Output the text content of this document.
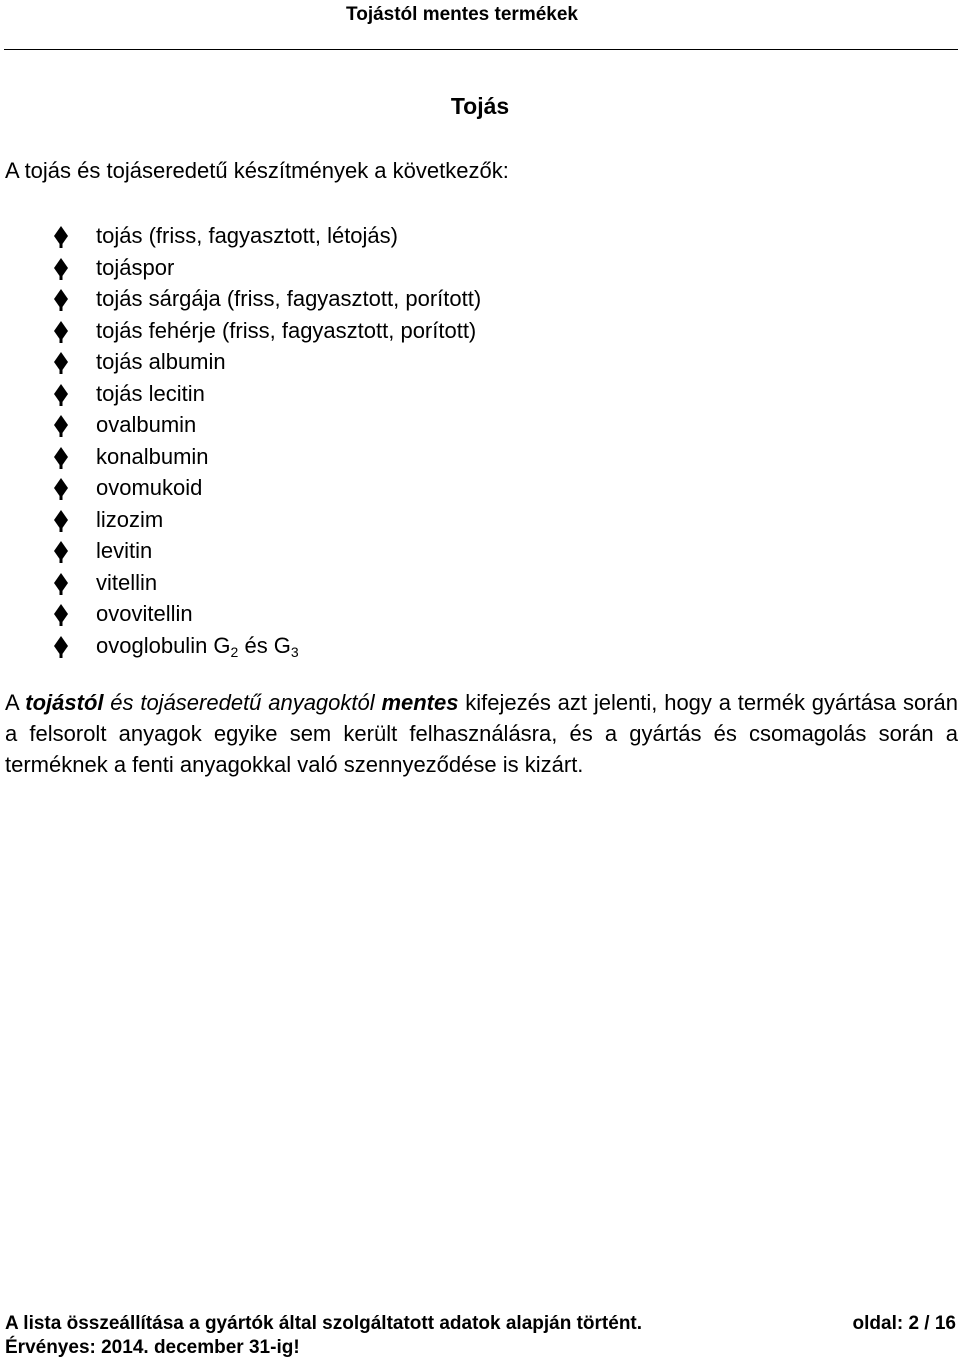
Tojástól mentes termékek
Tojás

A tojás és tojáseredetű készítmények a következők:

tojás (friss, fagyasztott, létojás)
tojáspor
tojás sárgája (friss, fagyasztott, porított)
tojás fehérje (friss, fagyasztott, porított)
tojás albumin
tojás lecitin
ovalbumin
konalbumin
ovomukoid
lizozim
levitin
vitellin
ovovitellin
ovoglobulin $G_2$ és $G_3$

A tojástól és tojáseredetű anyagoktól mentes kifejezés azt jelenti, hogy a termék gyártása során a felsorolt anyagok egyike sem került felhasználásra, és a gyártás és csomagolás során a terméknek a fenti anyagokkal való szennyeződése is kizárt.

A lista összeállítása a gyártók által szolgáltatott adatok alapján történt.	oldal: 2 / 16
Érvényes: 2014. december 31-ig!
